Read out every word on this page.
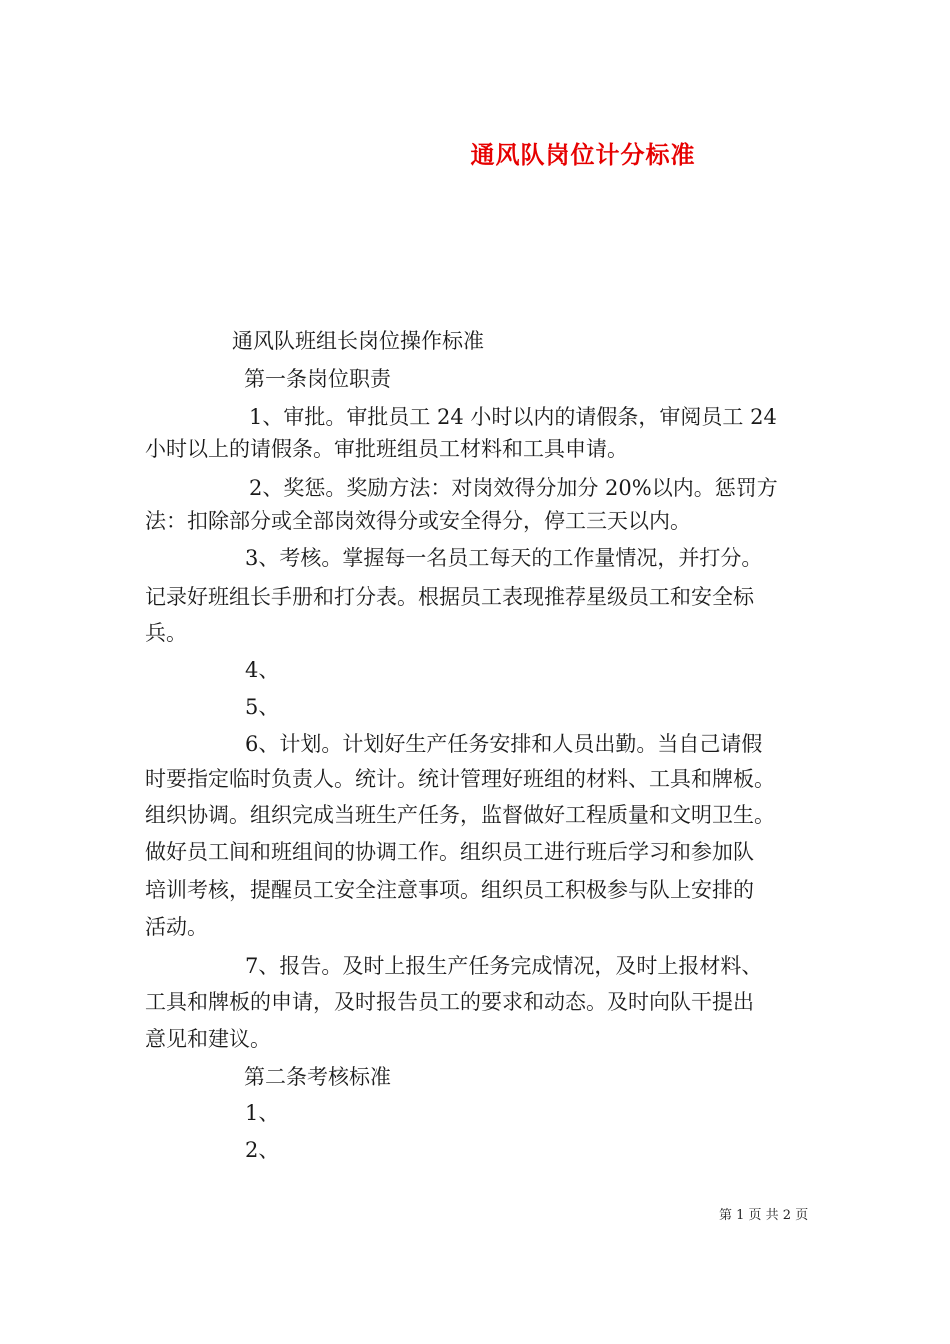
通风队岗位计分标准
通风队班组长岗位操作标准
第一条岗位职责
1、审批。审批员工 24 小时以内的请假条，审阅员工 24
小时以上的请假条。审批班组员工材料和工具申请。
2、奖惩。奖励方法：对岗效得分加分 20%以内。惩罚方
法：扣除部分或全部岗效得分或安全得分，停工三天以内。
3、考核。掌握每一名员工每天的工作量情况，并打分。
记录好班组长手册和打分表。根据员工表现推荐星级员工和安全标
兵。
4、
5、
6、计划。计划好生产任务安排和人员出勤。当自己请假
时要指定临时负责人。统计。统计管理好班组的材料、工具和牌板。
组织协调。组织完成当班生产任务，监督做好工程质量和文明卫生。
做好员工间和班组间的协调工作。组织员工进行班后学习和参加队
培训考核，提醒员工安全注意事项。组织员工积极参与队上安排的
活动。
7、报告。及时上报生产任务完成情况，及时上报材料、
工具和牌板的申请，及时报告员工的要求和动态。及时向队干提出
意见和建议。
第二条考核标准
1、
2、
第 1 页 共 2 页
